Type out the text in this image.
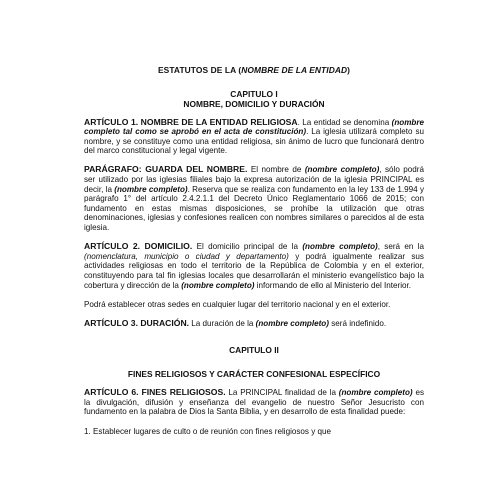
ESTATUTOS DE LA (NOMBRE DE LA ENTIDAD)
CAPITULO I
NOMBRE, DOMICILIO Y DURACIÓN

ARTÍCULO 1. NOMBRE DE LA ENTIDAD RELIGIOSA. La entidad se denomina (nombre completo tal como se aprobó en el acta de constitución). La iglesia utilizará completo su nombre, y se constituye como una entidad religiosa, sin ánimo de lucro que funcionará dentro del marco constitucional y legal vigente.

PARÁGRAFO: GUARDA DEL NOMBRE. El nombre de (nombre completo), sólo podrá ser utilizado por las iglesias filiales bajo la expresa autorización de la iglesia PRINCIPAL es decir, la (nombre completo). Reserva que se realiza con fundamento en la ley 133 de 1.994 y parágrafo 1° del artículo 2.4.2.1.1 del Decreto Único Reglamentario 1066 de 2015; con fundamento en estas mismas disposiciones, se prohíbe la utilización que otras denominaciones, iglesias y confesiones realicen con nombres similares o parecidos al de esta iglesia.

ARTÍCULO 2. DOMICILIO. El domicilio principal de la (nombre completo), será en la (nomenclatura, municipio o ciudad y departamento) y podrá igualmente realizar sus actividades religiosas en todo el territorio de la República de Colombia y en el exterior, constituyendo para tal fin iglesias locales que desarrollarán el ministerio evangelístico bajo la cobertura y dirección de la (nombre completo) informando de ello al Ministerio del Interior.

Podrá establecer otras sedes en cualquier lugar del territorio nacional y en el exterior.

ARTÍCULO 3. DURACIÓN. La duración de la (nombre completo) será indefinido.

CAPITULO II
FINES RELIGIOSOS Y CARÁCTER CONFESIONAL ESPECÍFICO

ARTÍCULO 6. FINES RELIGIOSOS. La PRINCIPAL finalidad de la (nombre completo) es la divulgación, difusión y enseñanza del evangelio de nuestro Señor Jesucristo con fundamento en la palabra de Dios la Santa Biblia, y en desarrollo de esta finalidad puede:

1. Establecer lugares de culto o de reunión con fines religiosos y que
